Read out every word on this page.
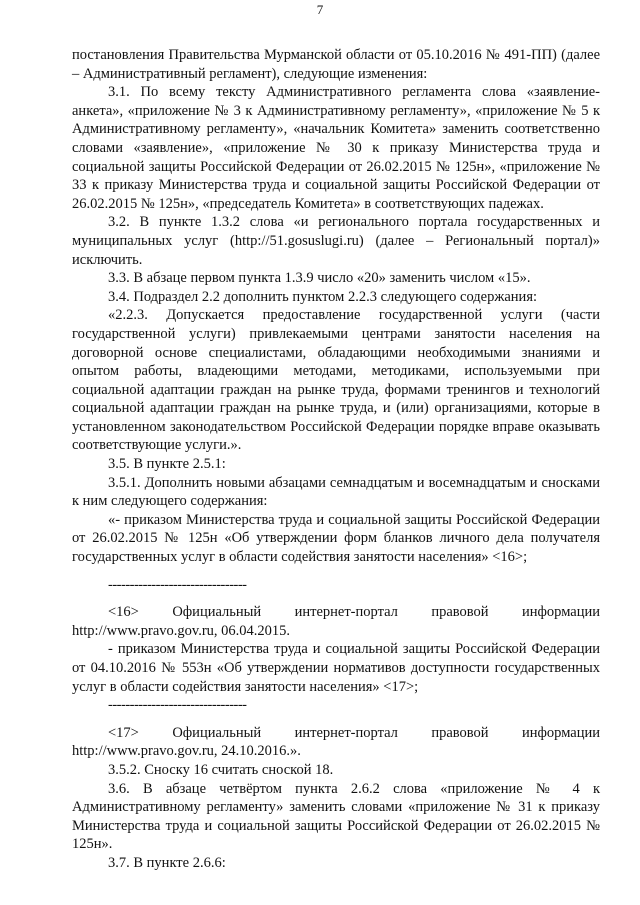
7

постановления Правительства Мурманской области от 05.10.2016 № 491-ПП) (далее – Административный регламент), следующие изменения:

3.1. По всему тексту Административного регламента слова «заявление-анкета», «приложение № 3 к Административному регламенту», «приложение № 5 к Административному регламенту», «начальник Комитета» заменить соответственно словами «заявление», «приложение № 30 к приказу Министерства труда и социальной защиты Российской Федерации от 26.02.2015 № 125н», «приложение № 33 к приказу Министерства труда и социальной защиты Российской Федерации от 26.02.2015 № 125н», «председатель Комитета» в соответствующих падежах.

3.2. В пункте 1.3.2 слова «и регионального портала государственных и муниципальных услуг (http://51.gosuslugi.ru) (далее – Региональный портал)» исключить.

3.3. В абзаце первом пункта 1.3.9 число «20» заменить числом «15».

3.4. Подраздел 2.2 дополнить пунктом 2.2.3 следующего содержания:

«2.2.3. Допускается предоставление государственной услуги (части государственной услуги) привлекаемыми центрами занятости населения на договорной основе специалистами, обладающими необходимыми знаниями и опытом работы, владеющими методами, методиками, используемыми при социальной адаптации граждан на рынке труда, формами тренингов и технологий социальной адаптации граждан на рынке труда, и (или) организациями, которые в установленном законодательством Российской Федерации порядке вправе оказывать соответствующие услуги.».

3.5. В пункте 2.5.1:

3.5.1. Дополнить новыми абзацами семнадцатым и восемнадцатым и сносками к ним следующего содержания:

«- приказом Министерства труда и социальной защиты Российской Федерации от 26.02.2015 № 125н «Об утверждении форм бланков личного дела получателя государственных услуг в области содействия занятости населения» <16>;

--------------------------------

<16> Официальный интернет-портал правовой информации

http://www.pravo.gov.ru, 06.04.2015.

- приказом Министерства труда и социальной защиты Российской Федерации от 04.10.2016 № 553н «Об утверждении нормативов доступности государственных услуг в области содействия занятости населения» <17>;

--------------------------------

<17> Официальный интернет-портал правовой информации

http://www.pravo.gov.ru, 24.10.2016.».

3.5.2. Сноску 16 считать сноской 18.

3.6. В абзаце четвёртом пункта 2.6.2 слова «приложение № 4 к Административному регламенту» заменить словами «приложение № 31 к приказу Министерства труда и социальной защиты Российской Федерации от 26.02.2015 № 125н».

3.7. В пункте 2.6.6:
